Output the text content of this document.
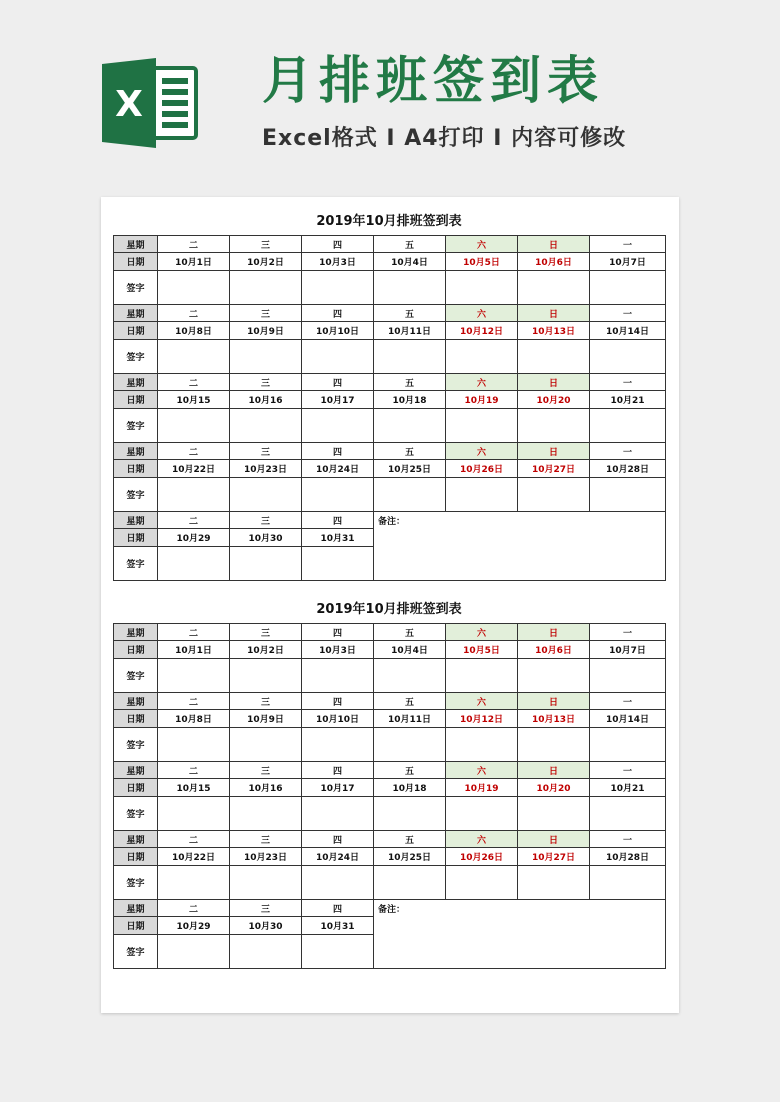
X 月排班签到表
Excel格式 I A4打印 I 内容可修改
2019年10月排班签到表
星期	二	三	四	五	六	日	一
日期	10月1日	10月2日	10月3日	10月4日	10月5日	10月6日	10月7日
签字							
星期	二	三	四	五	六	日	一
日期	10月8日	10月9日	10月10日	10月11日	10月12日	10月13日	10月14日
签字							
星期	二	三	四	五	六	日	一
日期	10月15	10月16	10月17	10月18	10月19	10月20	10月21
签字							
星期	二	三	四	五	六	日	一
日期	10月22日	10月23日	10月24日	10月25日	10月26日	10月27日	10月28日
签字							
星期	二	三	四	备注：			
日期	10月29	10月30	10月31				
签字							
2019年10月排班签到表
星期	二	三	四	五	六	日	一
日期	10月1日	10月2日	10月3日	10月4日	10月5日	10月6日	10月7日
签字							
星期	二	三	四	五	六	日	一
日期	10月8日	10月9日	10月10日	10月11日	10月12日	10月13日	10月14日
签字							
星期	二	三	四	五	六	日	一
日期	10月15	10月16	10月17	10月18	10月19	10月20	10月21
签字							
星期	二	三	四	五	六	日	一
日期	10月22日	10月23日	10月24日	10月25日	10月26日	10月27日	10月28日
签字							
星期	二	三	四	备注：			
日期	10月29	10月30	10月31				
签字							
